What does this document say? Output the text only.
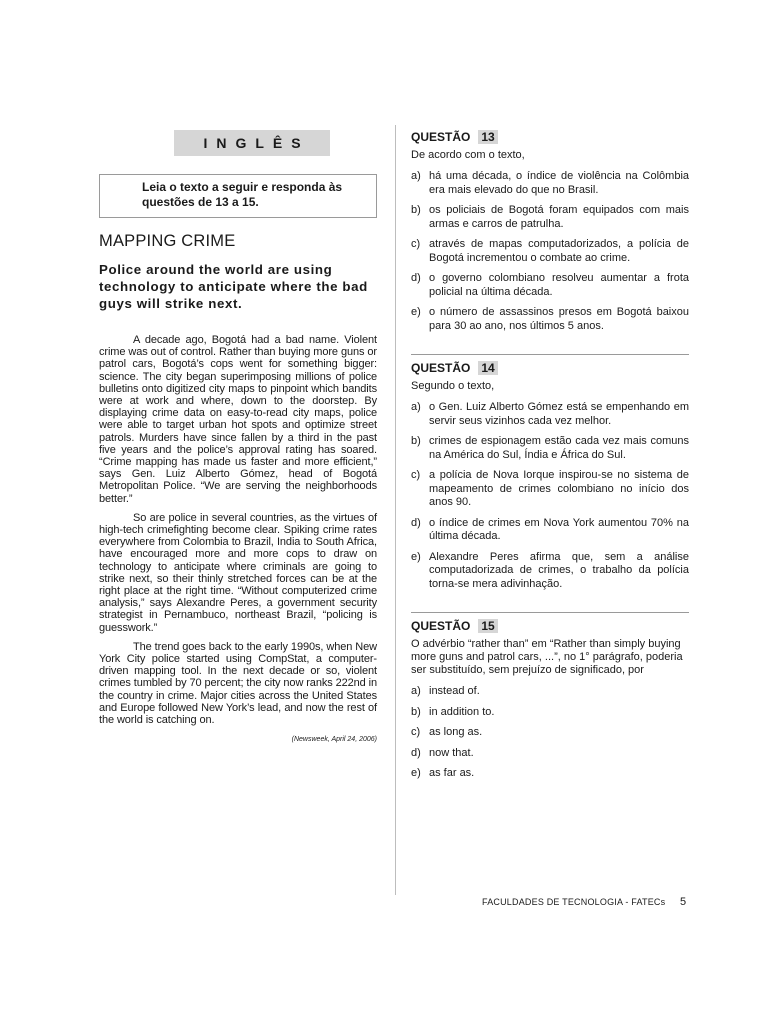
INGLÊS
Leia o texto a seguir e responda às questões de 13 a 15.
MAPPING CRIME
Police around the world are using technology to anticipate where the bad guys will strike next.

A decade ago, Bogotá had a bad name. Violent crime was out of control. Rather than buying more guns or patrol cars, Bogotá’s cops went for something bigger: science. The city began superimposing millions of police bulletins onto digitized city maps to pinpoint which bandits were at work and where, down to the doorstep. By displaying crime data on easy-to-read city maps, police were able to target urban hot spots and optimize street patrols. Murders have since fallen by a third in the past five years and the police’s approval rating has soared. “Crime mapping has made us faster and more efficient,” says Gen. Luiz Alberto Gómez, head of Bogotá Metropolitan Police. “We are serving the neighborhoods better.”

So are police in several countries, as the virtues of high-tech crimefighting become clear. Spiking crime rates everywhere from Colombia to Brazil, India to South Africa, have encouraged more and more cops to draw on technology to anticipate where criminals are going to strike next, so their thinly stretched forces can be at the right place at the right time. “Without computerized crime analysis,” says Alexandre Peres, a government security strategist in Pernambuco, northeast Brazil, “policing is guesswork.”

The trend goes back to the early 1990s, when New York City police started using CompStat, a computer-driven mapping tool. In the next decade or so, violent crimes tumbled by 70 percent; the city now ranks 222nd in the country in crime. Major cities across the United States and Europe followed New York’s lead, and now the rest of the world is catching on.

(Newsweek, April 24, 2006)
QUESTÃO 13
De acordo com o texto,
a) há uma década, o índice de violência na Colômbia era mais elevado do que no Brasil.
b) os policiais de Bogotá foram equipados com mais armas e carros de patrulha.
c) através de mapas computadorizados, a polícia de Bogotá incrementou o combate ao crime.
d) o governo colombiano resolveu aumentar a frota policial na última década.
e) o número de assassinos presos em Bogotá baixou para 30 ao ano, nos últimos 5 anos.
QUESTÃO 14
Segundo o texto,
a) o Gen. Luiz Alberto Gómez está se empenhando em servir seus vizinhos cada vez melhor.
b) crimes de espionagem estão cada vez mais comuns na América do Sul, Índia e África do Sul.
c) a polícia de Nova Iorque inspirou-se no sistema de mapeamento de crimes colombiano no início dos anos 90.
d) o índice de crimes em Nova York aumentou 70% na última década.
e) Alexandre Peres afirma que, sem a análise computadorizada de crimes, o trabalho da polícia torna-se mera adivinhação.
QUESTÃO 15
O advérbio “rather than” em “Rather than simply buying more guns and patrol cars, ...”, no 1° parágrafo, poderia ser substituído, sem prejuízo de significado, por
a) instead of.
b) in addition to.
c) as long as.
d) now that.
e) as far as.
FACULDADES DE TECNOLOGIA - FATECs 5
